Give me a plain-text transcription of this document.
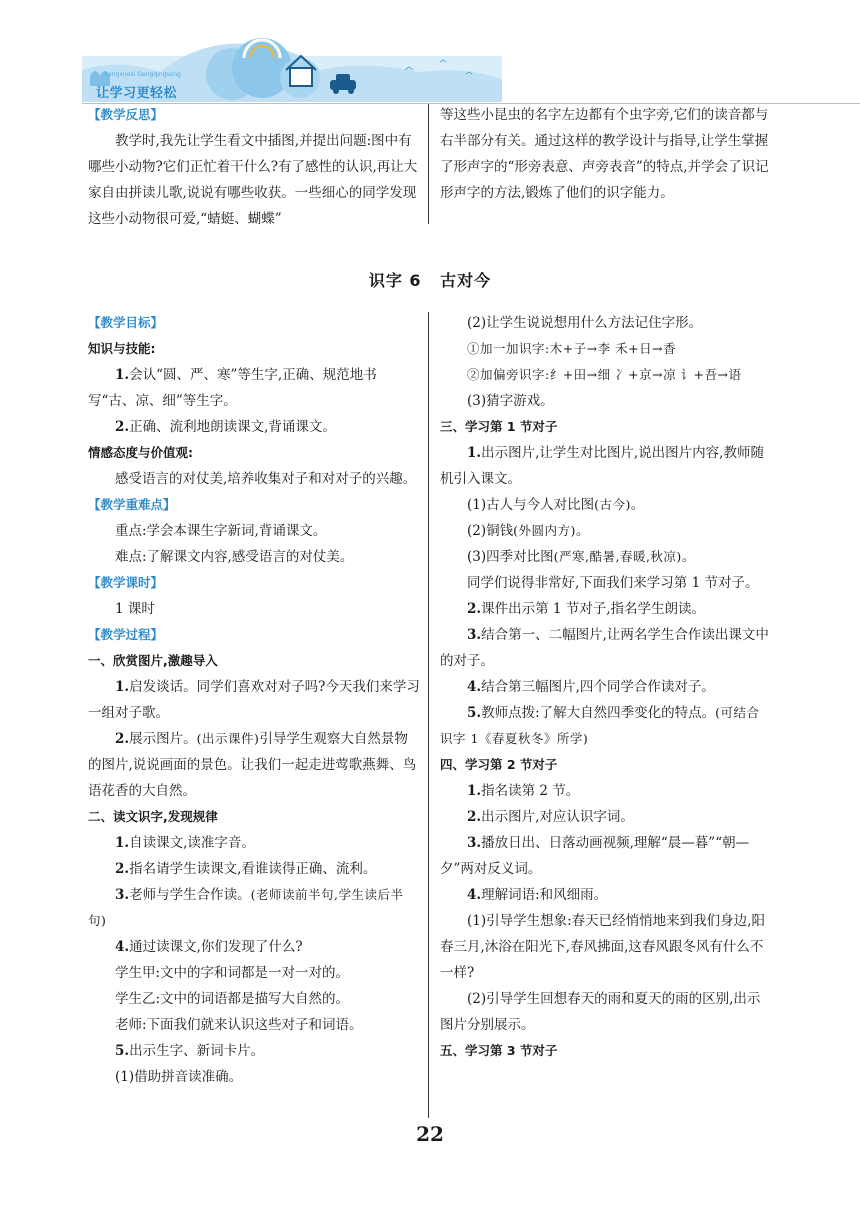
Rangxuexi Gengqingsong
让学习更轻松

【教学反思】

教学时,我先让学生看文中插图,并提出问题:图中有哪些小动物?它们正忙着干什么?有了感性的认识,再让大家自由拼读儿歌,说说有哪些收获。一些细心的同学发现这些小动物很可爱,“蜻蜓、蝴蝶”

等这些小昆虫的名字左边都有个虫字旁,它们的读音都与右半部分有关。通过这样的教学设计与指导,让学生掌握了形声字的“形旁表意、声旁表音”的特点,并学会了识记形声字的方法,锻炼了他们的识字能力。

识字 6 古对今

【教学目标】

知识与技能:

1.会认“圆、严、寒”等生字,正确、规范地书写“古、凉、细”等生字。

2.正确、流利地朗读课文,背诵课文。

情感态度与价值观:

感受语言的对仗美,培养收集对子和对对子的兴趣。

【教学重难点】

重点:学会本课生字新词,背诵课文。

难点:了解课文内容,感受语言的对仗美。

【教学课时】

1 课时

【教学过程】

一、欣赏图片,激趣导入

1.启发谈话。同学们喜欢对对子吗?今天我们来学习一组对子歌。

2.展示图片。(出示课件)引导学生观察大自然景物的图片,说说画面的景色。让我们一起走进莺歌燕舞、鸟语花香的大自然。

二、读文识字,发现规律

1.自读课文,读准字音。

2.指名请学生读课文,看谁读得正确、流利。

3.老师与学生合作读。(老师读前半句,学生读后半句)

4.通过读课文,你们发现了什么?

学生甲:文中的字和词都是一对一对的。

学生乙:文中的词语都是描写大自然的。

老师:下面我们就来认识这些对子和词语。

5.出示生字、新词卡片。

(1)借助拼音读准确。

(2)让学生说说想用什么方法记住字形。

①加一加识字:木+子→李 禾+日→香

②加偏旁识字:纟+田→细 冫+京→凉 讠+吾→语

(3)猜字游戏。

三、学习第 1 节对子

1.出示图片,让学生对比图片,说出图片内容,教师随机引入课文。

(1)古人与今人对比图(古今)。

(2)铜钱(外圆内方)。

(3)四季对比图(严寒,酷暑,春暖,秋凉)。

同学们说得非常好,下面我们来学习第 1 节对子。

2.课件出示第 1 节对子,指名学生朗读。

3.结合第一、二幅图片,让两名学生合作读出课文中的对子。

4.结合第三幅图片,四个同学合作读对子。

5.教师点拨:了解大自然四季变化的特点。(可结合识字 1《春夏秋冬》所学)

四、学习第 2 节对子

1.指名读第 2 节。

2.出示图片,对应认识字词。

3.播放日出、日落动画视频,理解“晨—暮”“朝—夕”两对反义词。

4.理解词语:和风细雨。

(1)引导学生想象:春天已经悄悄地来到我们身边,阳春三月,沐浴在阳光下,春风拂面,这春风跟冬风有什么不一样?

(2)引导学生回想春天的雨和夏天的雨的区别,出示图片分别展示。

五、学习第 3 节对子

22
